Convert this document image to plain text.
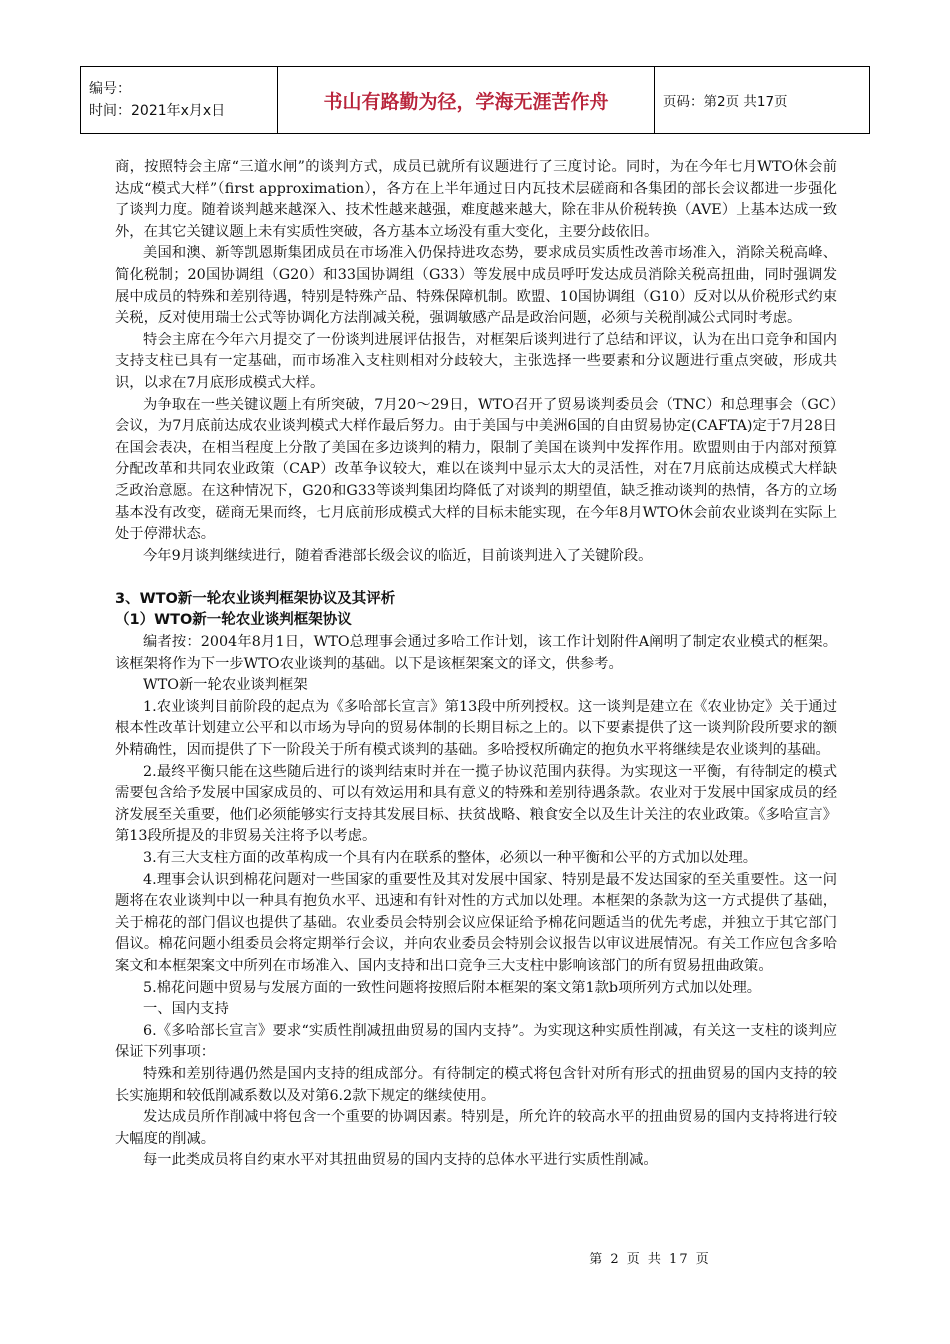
编号：
时间：2021年x月x日	书山有路勤为径，学海无涯苦作舟	页码：第2页 共17页

商，按照特会主席“三道水闸”的谈判方式，成员已就所有议题进行了三度讨论。同时，为在今年七月WTO休会前达成“模式大样”（first approximation），各方在上半年通过日内瓦技术层磋商和各集团的部长会议都进一步强化了谈判力度。随着谈判越来越深入、技术性越来越强，难度越来越大，除在非从价税转换（AVE）上基本达成一致外，在其它关键议题上未有实质性突破，各方基本立场没有重大变化，主要分歧依旧。

美国和澳、新等凯恩斯集团成员在市场准入仍保持进攻态势，要求成员实质性改善市场准入，消除关税高峰、简化税制；20国协调组（G20）和33国协调组（G33）等发展中成员呼吁发达成员消除关税高扭曲，同时强调发展中成员的特殊和差别待遇，特别是特殊产品、特殊保障机制。欧盟、10国协调组（G10）反对以从价税形式约束关税，反对使用瑞士公式等协调化方法削减关税，强调敏感产品是政治问题，必须与关税削减公式同时考虑。

特会主席在今年六月提交了一份谈判进展评估报告，对框架后谈判进行了总结和评议，认为在出口竞争和国内支持支柱已具有一定基础，而市场准入支柱则相对分歧较大，主张选择一些要素和分议题进行重点突破，形成共识，以求在7月底形成模式大样。

为争取在一些关键议题上有所突破，7月20～29日，WTO召开了贸易谈判委员会（TNC）和总理事会（GC）会议，为7月底前达成农业谈判模式大样作最后努力。由于美国与中美洲6国的自由贸易协定(CAFTA)定于7月28日在国会表决，在相当程度上分散了美国在多边谈判的精力，限制了美国在谈判中发挥作用。欧盟则由于内部对预算分配改革和共同农业政策（CAP）改革争议较大，难以在谈判中显示太大的灵活性，对在7月底前达成模式大样缺乏政治意愿。在这种情况下，G20和G33等谈判集团均降低了对谈判的期望值，缺乏推动谈判的热情，各方的立场基本没有改变，磋商无果而终，七月底前形成模式大样的目标未能实现，在今年8月WTO休会前农业谈判在实际上处于停滞状态。

今年9月谈判继续进行，随着香港部长级会议的临近，目前谈判进入了关键阶段。

3、WTO新一轮农业谈判框架协议及其评析
（1）WTO新一轮农业谈判框架协议

编者按：2004年8月1日，WTO总理事会通过多哈工作计划，该工作计划附件A阐明了制定农业模式的框架。该框架将作为下一步WTO农业谈判的基础。以下是该框架案文的译文，供参考。

WTO新一轮农业谈判框架

1.农业谈判目前阶段的起点为《多哈部长宣言》第13段中所列授权。这一谈判是建立在《农业协定》关于通过根本性改革计划建立公平和以市场为导向的贸易体制的长期目标之上的。以下要素提供了这一谈判阶段所要求的额外精确性，因而提供了下一阶段关于所有模式谈判的基础。多哈授权所确定的抱负水平将继续是农业谈判的基础。

2.最终平衡只能在这些随后进行的谈判结束时并在一揽子协议范围内获得。为实现这一平衡，有待制定的模式需要包含给予发展中国家成员的、可以有效运用和具有意义的特殊和差别待遇条款。农业对于发展中国家成员的经济发展至关重要，他们必须能够实行支持其发展目标、扶贫战略、粮食安全以及生计关注的农业政策。《多哈宣言》第13段所提及的非贸易关注将予以考虑。

3.有三大支柱方面的改革构成一个具有内在联系的整体，必须以一种平衡和公平的方式加以处理。

4.理事会认识到棉花问题对一些国家的重要性及其对发展中国家、特别是最不发达国家的至关重要性。这一问题将在农业谈判中以一种具有抱负水平、迅速和有针对性的方式加以处理。本框架的条款为这一方式提供了基础，关于棉花的部门倡议也提供了基础。农业委员会特别会议应保证给予棉花问题适当的优先考虑，并独立于其它部门倡议。棉花问题小组委员会将定期举行会议，并向农业委员会特别会议报告以审议进展情况。有关工作应包含多哈案文和本框架案文中所列在市场准入、国内支持和出口竞争三大支柱中影响该部门的所有贸易扭曲政策。

5.棉花问题中贸易与发展方面的一致性问题将按照后附本框架的案文第1款b项所列方式加以处理。

一、国内支持

6.《多哈部长宣言》要求“实质性削减扭曲贸易的国内支持”。为实现这种实质性削减，有关这一支柱的谈判应保证下列事项：

特殊和差别待遇仍然是国内支持的组成部分。有待制定的模式将包含针对所有形式的扭曲贸易的国内支持的较长实施期和较低削减系数以及对第6.2款下规定的继续使用。

发达成员所作削减中将包含一个重要的协调因素。特别是，所允许的较高水平的扭曲贸易的国内支持将进行较大幅度的削减。

每一此类成员将自约束水平对其扭曲贸易的国内支持的总体水平进行实质性削减。

第 2 页 共 17 页
